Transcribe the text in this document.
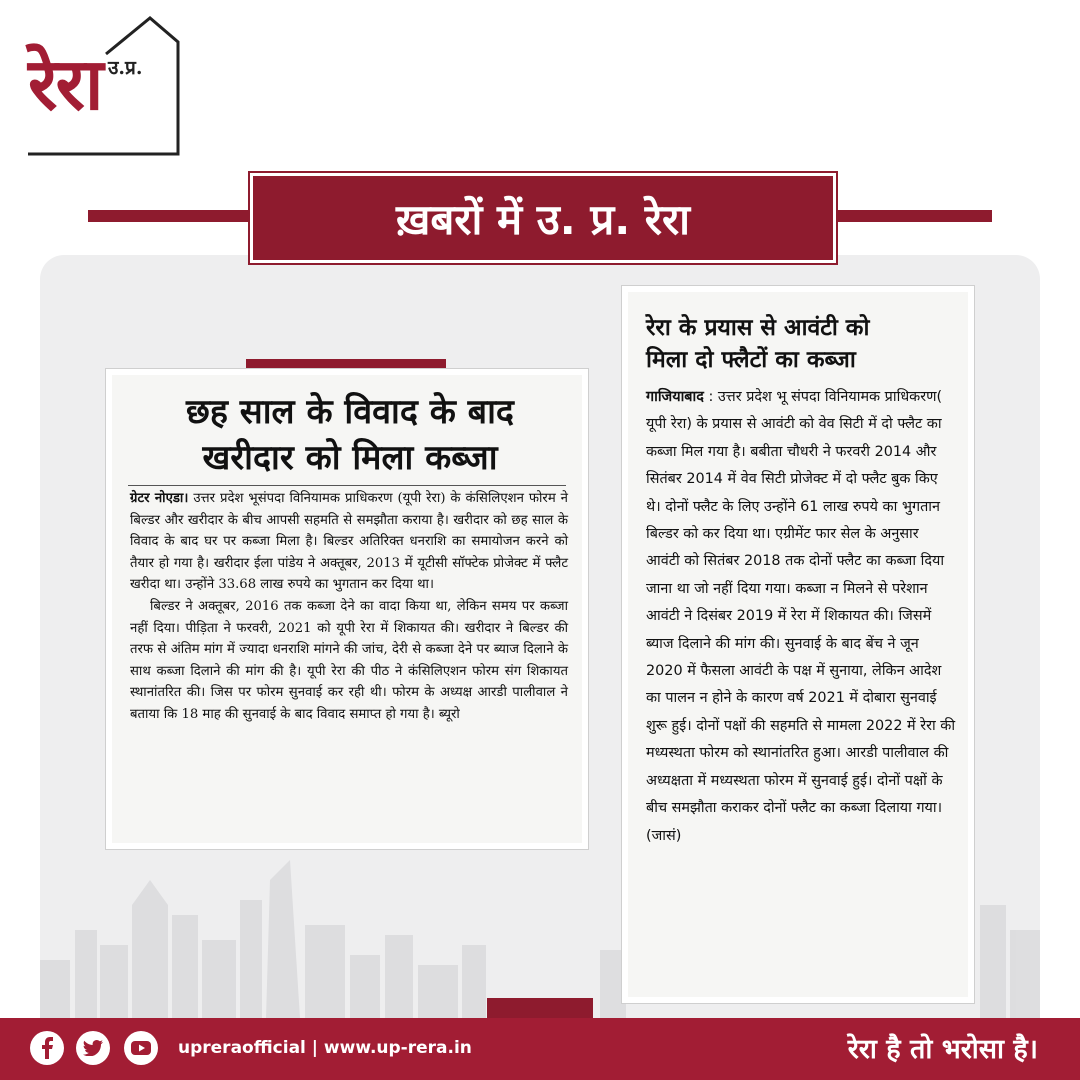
उ.प्र.
रेरा
ख़बरों में उ. प्र. रेरा
छह साल के विवाद के बाद
खरीदार को मिला कब्जा

ग्रेटर नोएडा। उत्तर प्रदेश भूसंपदा विनियामक प्राधिकरण (यूपी रेरा) के कंसिलिएशन फोरम ने बिल्डर और खरीदार के बीच आपसी सहमति से समझौता कराया है। खरीदार को छह साल के विवाद के बाद घर पर कब्जा मिला है। बिल्डर अतिरिक्त धनराशि का समायोजन करने को तैयार हो गया है। खरीदार ईला पांडेय ने अक्तूबर, 2013 में यूटीसी सॉफ्टेक प्रोजेक्ट में फ्लैट खरीदा था। उन्होंने 33.68 लाख रुपये का भुगतान कर दिया था।

बिल्डर ने अक्तूबर, 2016 तक कब्जा देने का वादा किया था, लेकिन समय पर कब्जा नहीं दिया। पीड़िता ने फरवरी, 2021 को यूपी रेरा में शिकायत की। खरीदार ने बिल्डर की तरफ से अंतिम मांग में ज्यादा धनराशि मांगने की जांच, देरी से कब्जा देने पर ब्याज दिलाने के साथ कब्जा दिलाने की मांग की है। यूपी रेरा की पीठ ने कंसिलिएशन फोरम संग शिकायत स्थानांतरित की। जिस पर फोरम सुनवाई कर रही थी। फोरम के अध्यक्ष आरडी पालीवाल ने बताया कि 18 माह की सुनवाई के बाद विवाद समाप्त हो गया है। ब्यूरो

रेरा के प्रयास से आवंटी को
मिला दो फ्लैटों का कब्जा
गाजियाबाद : उत्तर प्रदेश भू संपदा विनियामक प्राधिकरण( यूपी रेरा) के प्रयास से आवंटी को वेव सिटी में दो फ्लैट का कब्जा मिल गया है। बबीता चौधरी ने फरवरी 2014 और सितंबर 2014 में वेव सिटी प्रोजेक्ट में दो फ्लैट बुक किए थे। दोनों फ्लैट के लिए उन्होंने 61 लाख रुपये का भुगतान बिल्डर को कर दिया था। एग्रीमेंट फार सेल के अनुसार आवंटी को सितंबर 2018 तक दोनों फ्लैट का कब्जा दिया जाना था जो नहीं दिया गया। कब्जा न मिलने से परेशान आवंटी ने दिसंबर 2019 में रेरा में शिकायत की। जिसमें ब्याज दिलाने की मांग की। सुनवाई के बाद बेंच ने जून 2020 में फैसला आवंटी के पक्ष में सुनाया, लेकिन आदेश का पालन न होने के कारण वर्ष 2021 में दोबारा सुनवाई शुरू हुई। दोनों पक्षों की सहमति से मामला 2022 में रेरा की मध्यस्थता फोरम को स्थानांतरित हुआ। आरडी पालीवाल की अध्यक्षता में मध्यस्थता फोरम में सुनवाई हुई। दोनों पक्षों के बीच समझौता कराकर दोनों फ्लैट का कब्जा दिलाया गया। (जासं)
upreraofficial | www.up-rera.in	रेरा है तो भरोसा है।
